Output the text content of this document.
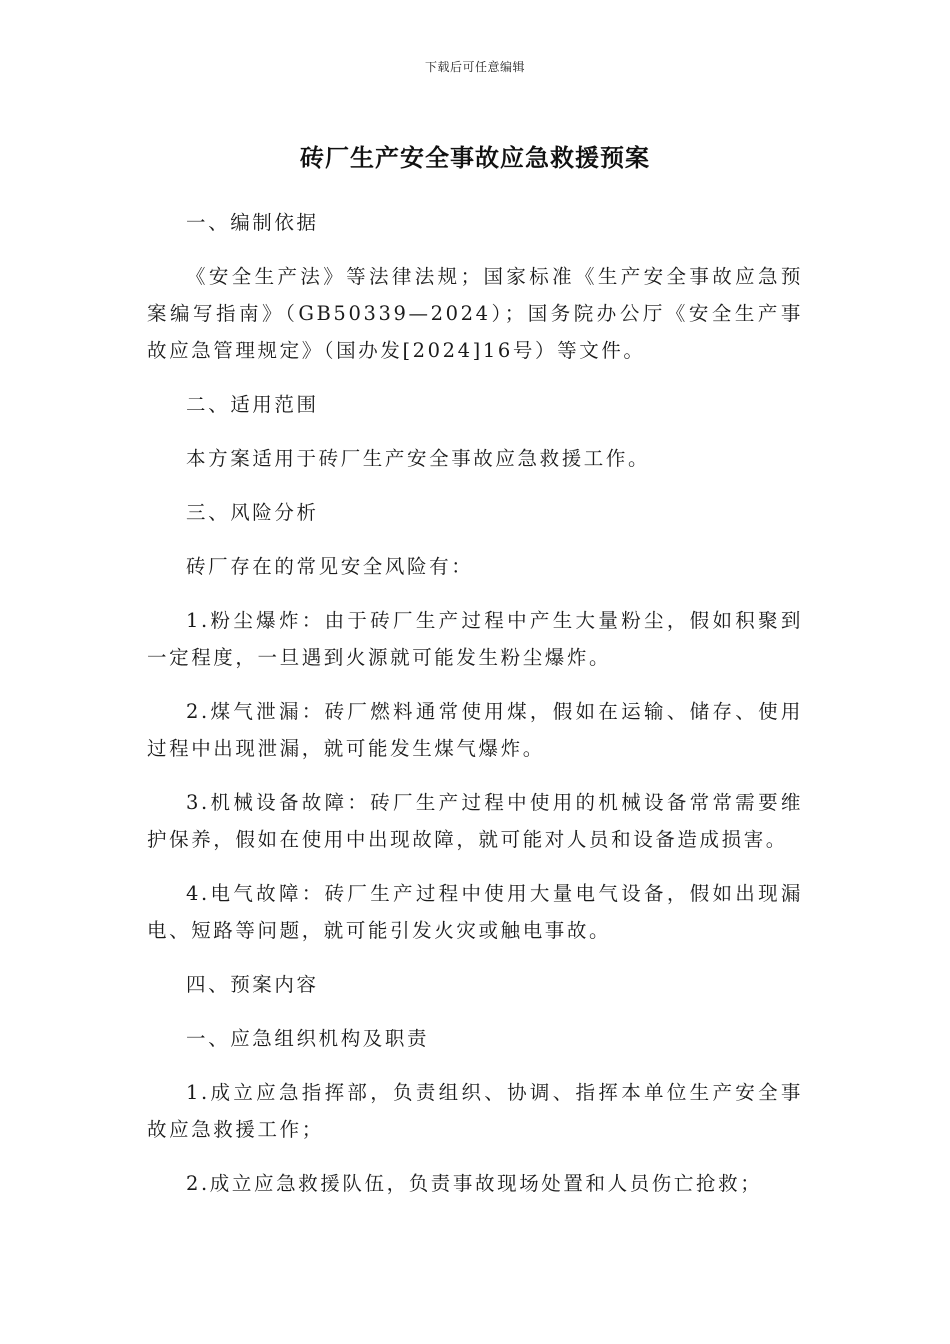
下载后可任意编辑
砖厂生产安全事故应急救援预案

一、编制依据

《安全生产法》等法律法规；国家标准《生产安全事故应急预案编写指南》（GB50339—2024）；国务院办公厅《安全生产事故应急管理规定》（国办发[2024]16号）等文件。

二、适用范围

本方案适用于砖厂生产安全事故应急救援工作。

三、风险分析

砖厂存在的常见安全风险有：

1.粉尘爆炸：由于砖厂生产过程中产生大量粉尘，假如积聚到一定程度，一旦遇到火源就可能发生粉尘爆炸。

2.煤气泄漏：砖厂燃料通常使用煤，假如在运输、储存、使用过程中出现泄漏，就可能发生煤气爆炸。

3.机械设备故障：砖厂生产过程中使用的机械设备常常需要维护保养，假如在使用中出现故障，就可能对人员和设备造成损害。

4.电气故障：砖厂生产过程中使用大量电气设备，假如出现漏电、短路等问题，就可能引发火灾或触电事故。

四、预案内容

一、应急组织机构及职责

1.成立应急指挥部，负责组织、协调、指挥本单位生产安全事故应急救援工作；

2.成立应急救援队伍，负责事故现场处置和人员伤亡抢救；
